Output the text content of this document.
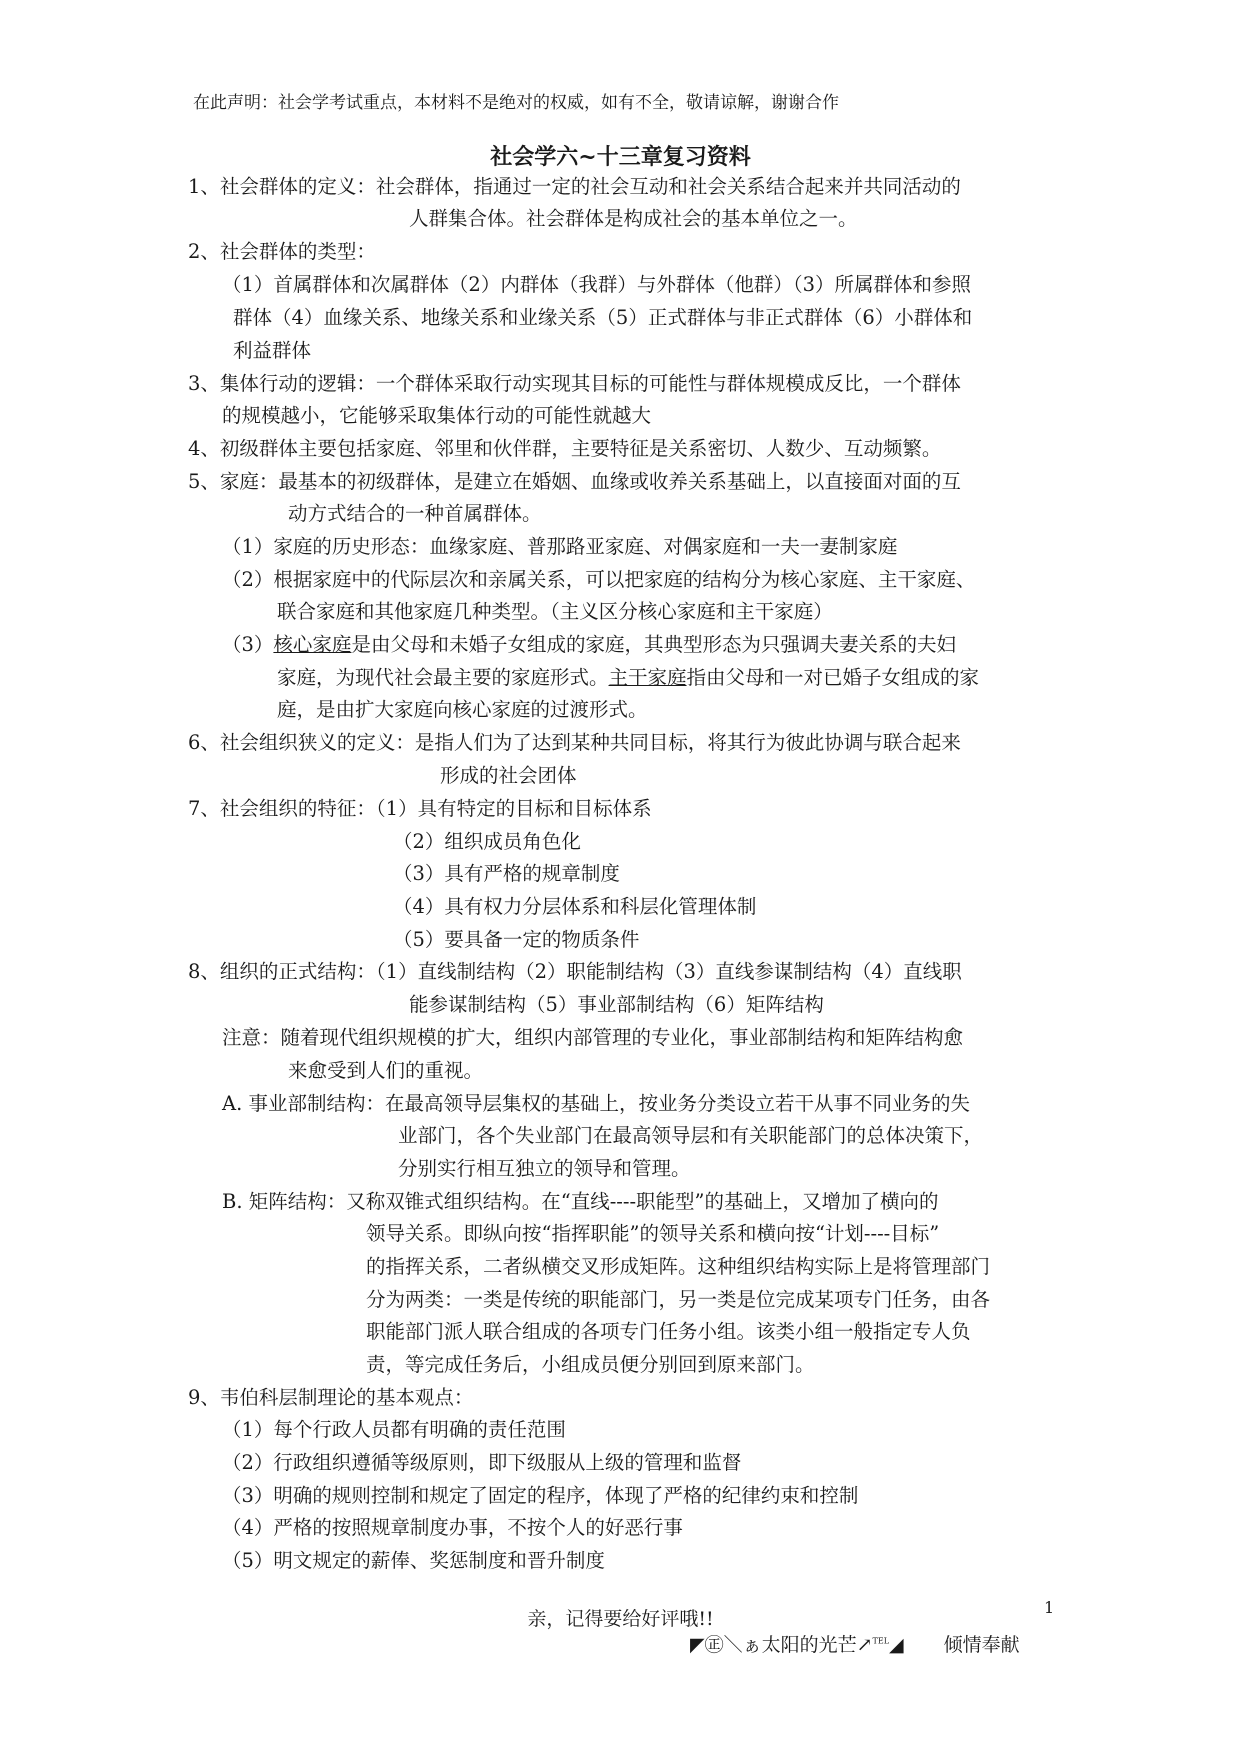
在此声明：社会学考试重点，本材料不是绝对的权威，如有不全，敬请谅解，谢谢合作
社会学六~十三章复习资料
1、社会群体的定义：社会群体，指通过一定的社会互动和社会关系结合起来并共同活动的
人群集合体。社会群体是构成社会的基本单位之一。
2、社会群体的类型：
（1）首属群体和次属群体（2）内群体（我群）与外群体（他群）（3）所属群体和参照
群体（4）血缘关系、地缘关系和业缘关系（5）正式群体与非正式群体（6）小群体和
利益群体
3、集体行动的逻辑：一个群体采取行动实现其目标的可能性与群体规模成反比，一个群体
的规模越小，它能够采取集体行动的可能性就越大
4、初级群体主要包括家庭、邻里和伙伴群，主要特征是关系密切、人数少、互动频繁。
5、家庭：最基本的初级群体，是建立在婚姻、血缘或收养关系基础上，以直接面对面的互
动方式结合的一种首属群体。
（1）家庭的历史形态：血缘家庭、普那路亚家庭、对偶家庭和一夫一妻制家庭
（2）根据家庭中的代际层次和亲属关系，可以把家庭的结构分为核心家庭、主干家庭、
联合家庭和其他家庭几种类型。（主义区分核心家庭和主干家庭）
（3）核心家庭是由父母和未婚子女组成的家庭，其典型形态为只强调夫妻关系的夫妇
家庭，为现代社会最主要的家庭形式。主干家庭指由父母和一对已婚子女组成的家
庭，是由扩大家庭向核心家庭的过渡形式。
6、社会组织狭义的定义：是指人们为了达到某种共同目标，将其行为彼此协调与联合起来
形成的社会团体
7、社会组织的特征：（1）具有特定的目标和目标体系
（2）组织成员角色化
（3）具有严格的规章制度
（4）具有权力分层体系和科层化管理体制
（5）要具备一定的物质条件
8、组织的正式结构：（1）直线制结构（2）职能制结构（3）直线参谋制结构（4）直线职
能参谋制结构（5）事业部制结构（6）矩阵结构
注意：随着现代组织规模的扩大，组织内部管理的专业化，事业部制结构和矩阵结构愈
来愈受到人们的重视。
A. 事业部制结构：在最高领导层集权的基础上，按业务分类设立若干从事不同业务的失
业部门，各个失业部门在最高领导层和有关职能部门的总体决策下，
分别实行相互独立的领导和管理。
B. 矩阵结构：又称双锥式组织结构。在“直线----职能型”的基础上，又增加了横向的
领导关系。即纵向按“指挥职能”的领导关系和横向按“计划----目标”
的指挥关系，二者纵横交叉形成矩阵。这种组织结构实际上是将管理部门
分为两类：一类是传统的职能部门，另一类是位完成某项专门任务，由各
职能部门派人联合组成的各项专门任务小组。该类小组一般指定专人负
责，等完成任务后，小组成员便分别回到原来部门。
9、韦伯科层制理论的基本观点：
（1）每个行政人员都有明确的责任范围
（2）行政组织遵循等级原则，即下级服从上级的管理和监督
（3）明确的规则控制和规定了固定的程序，体现了严格的纪律约束和控制
（4）严格的按照规章制度办事，不按个人的好恶行事
（5）明文规定的薪俸、奖惩制度和晋升制度
亲，记得要给好评哦!!
1
◤㊣＼ぁ太阳的光芒↗$^{TEL}$◢ 倾情奉献
